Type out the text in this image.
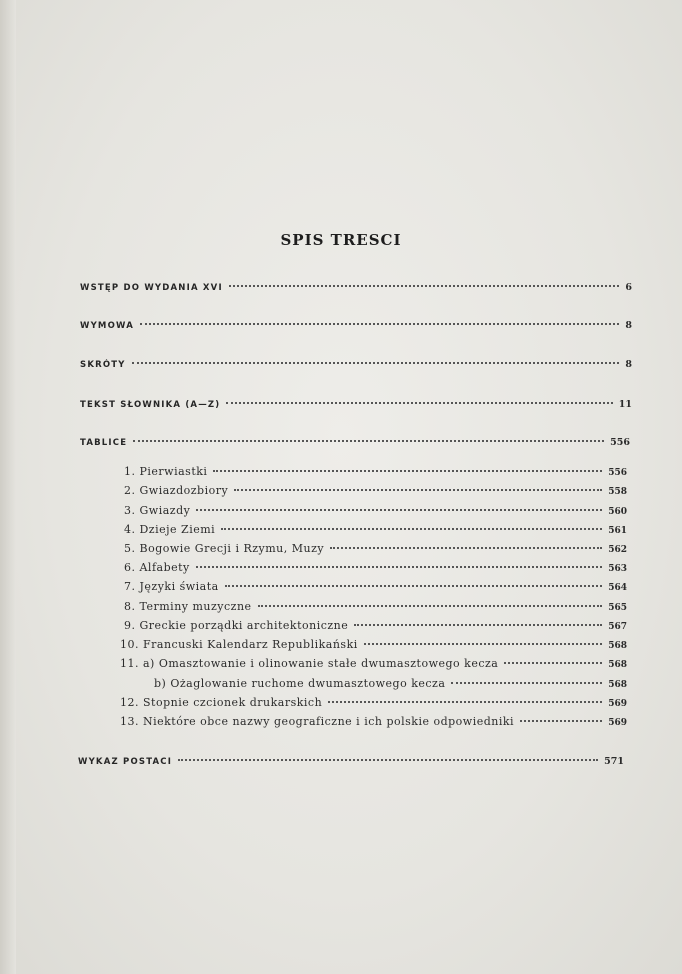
SPIS TRESCI
WSTĘP DO WYDANIA XVI	6
WYMOWA	8
SKRÓTY	8
TEKST SŁOWNIKA (A—Z)	11
TABLICE	556
1. Pierwiastki	556
2. Gwiazdozbiory	558
3. Gwiazdy	560
4. Dzieje Ziemi	561
5. Bogowie Grecji i Rzymu, Muzy	562
6. Alfabety	563
7. Języki świata	564
8. Terminy muzyczne	565
9. Greckie porządki architektoniczne	567
10. Francuski Kalendarz Republikański	568
11. a) Omasztowanie i olinowanie stałe dwumasztowego kecza	568
b) Ożaglowanie ruchome dwumasztowego kecza	568
12. Stopnie czcionek drukarskich	569
13. Niektóre obce nazwy geograficzne i ich polskie odpowiedniki	569
WYKAZ POSTACI	571
